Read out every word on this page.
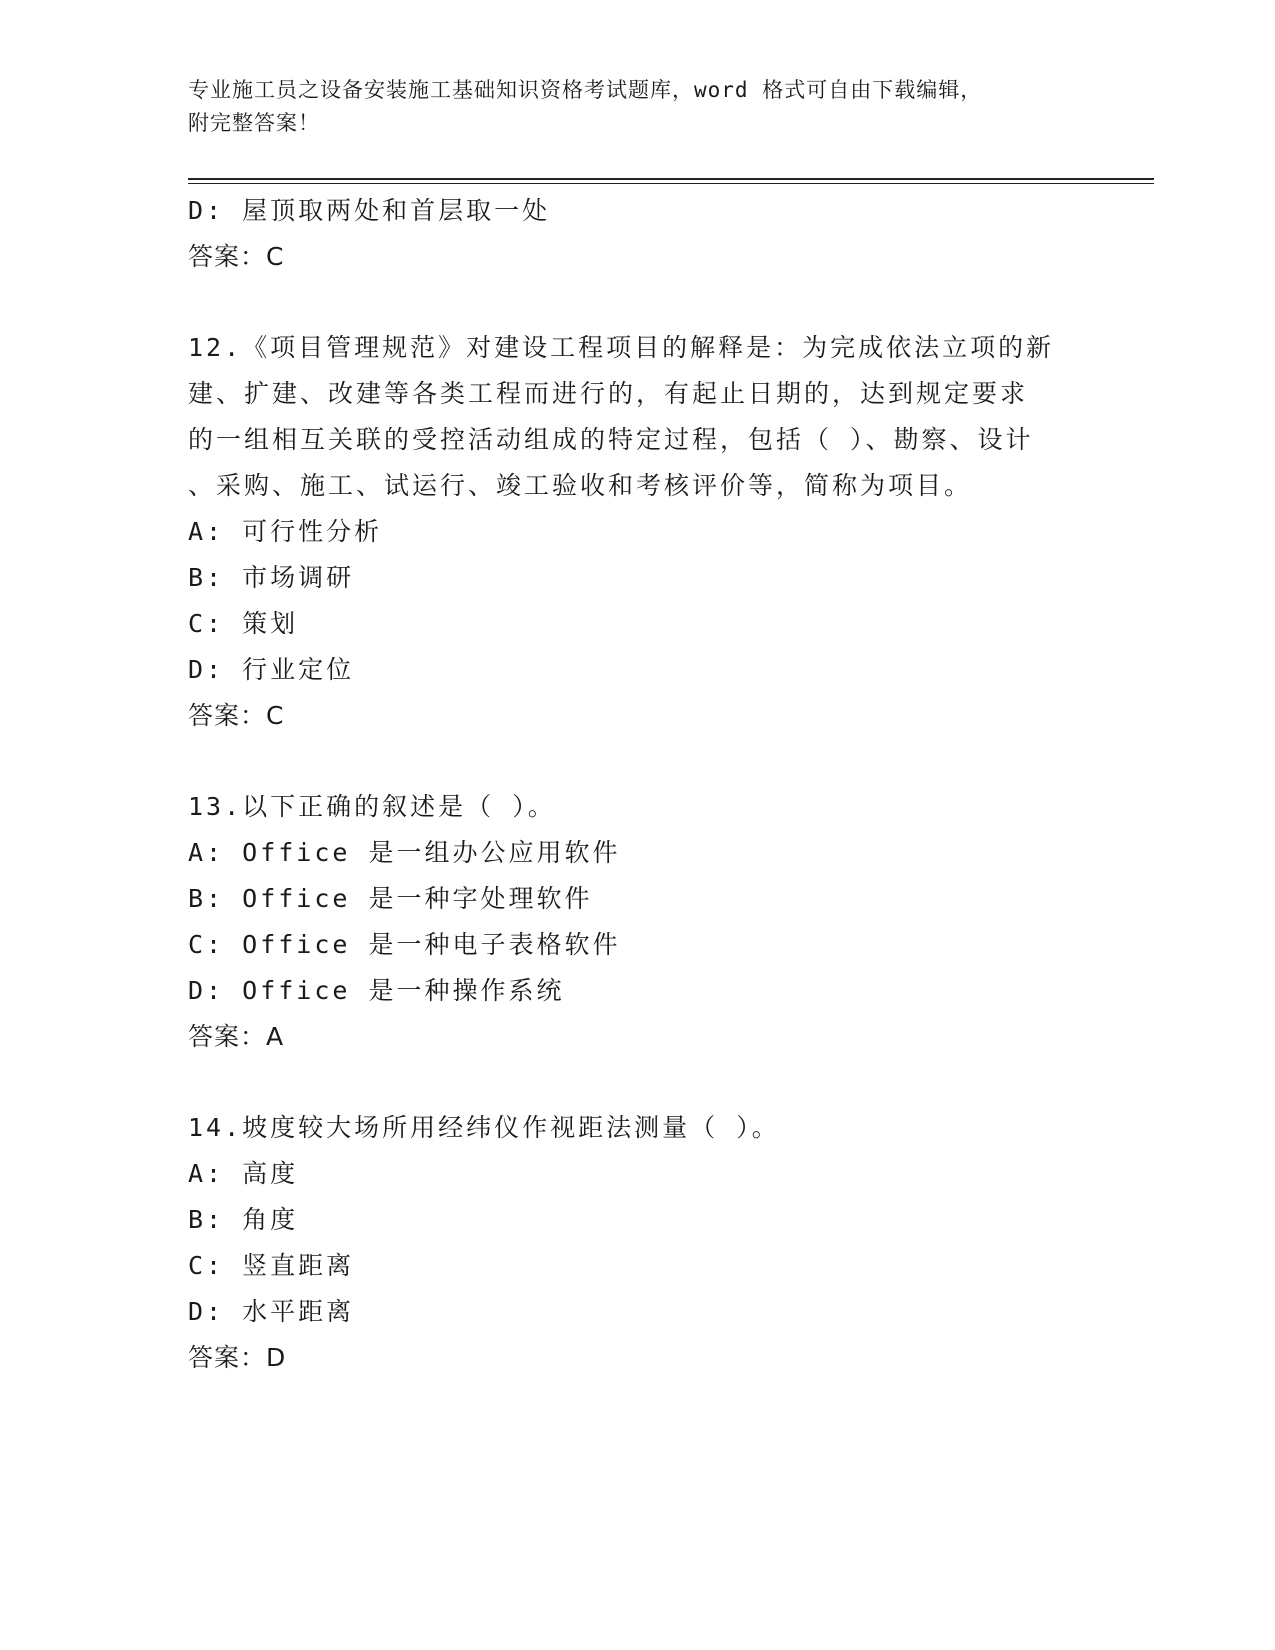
专业施工员之设备安装施工基础知识资格考试题库，word 格式可自由下载编辑，
附完整答案！
D: 屋顶取两处和首层取一处
答案：C
12.《项目管理规范》对建设工程项目的解释是：为完成依法立项的新
建、扩建、改建等各类工程而进行的，有起止日期的，达到规定要求
的一组相互关联的受控活动组成的特定过程，包括（ ）、勘察、设计
、采购、施工、试运行、竣工验收和考核评价等，简称为项目。
A: 可行性分析
B: 市场调研
C: 策划
D: 行业定位
答案：C
13.以下正确的叙述是（ ）。
A: Office 是一组办公应用软件
B: Office 是一种字处理软件
C: Office 是一种电子表格软件
D: Office 是一种操作系统
答案：A
14.坡度较大场所用经纬仪作视距法测量（ ）。
A: 高度
B: 角度
C: 竖直距离
D: 水平距离
答案：D
